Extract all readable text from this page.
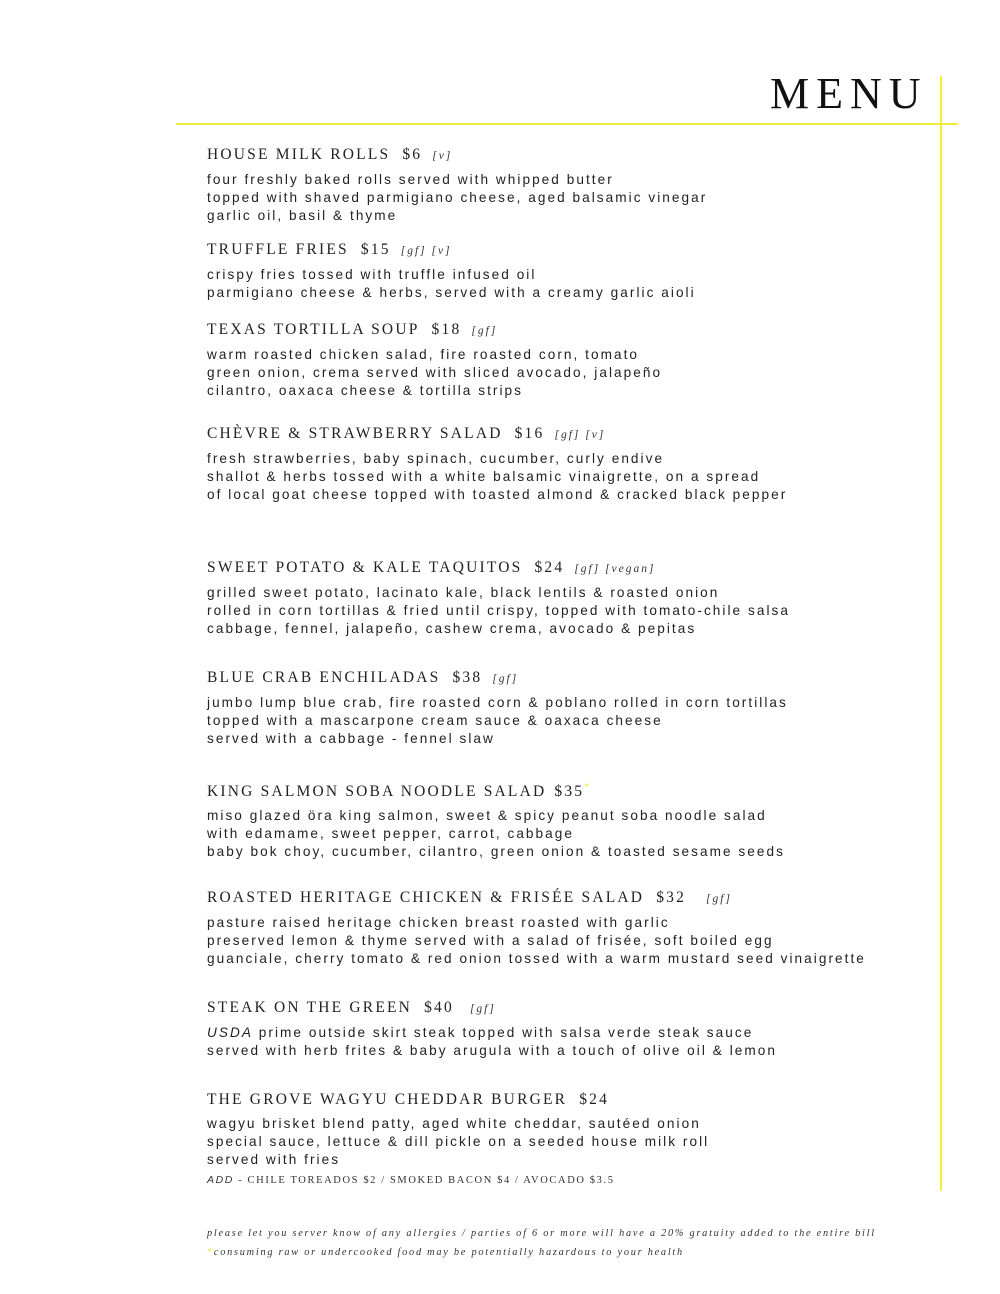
MENU
HOUSE MILK ROLLS $6 [v]
four freshly baked rolls served with whipped butter
topped with shaved parmigiano cheese, aged balsamic vinegar
garlic oil, basil & thyme
TRUFFLE FRIES $15 [gf] [v]
crispy fries tossed with truffle infused oil
parmigiano cheese & herbs, served with a creamy garlic aioli
TEXAS TORTILLA SOUP $18 [gf]
warm roasted chicken salad, fire roasted corn, tomato
green onion, crema served with sliced avocado, jalapeño
cilantro, oaxaca cheese & tortilla strips
CHÈVRE & STRAWBERRY SALAD $16 [gf] [v]
fresh strawberries, baby spinach, cucumber, curly endive
shallot & herbs tossed with a white balsamic vinaigrette, on a spread
of local goat cheese topped with toasted almond & cracked black pepper
SWEET POTATO & KALE TAQUITOS $24 [gf] [vegan]
grilled sweet potato, lacinato kale, black lentils & roasted onion
rolled in corn tortillas & fried until crispy, topped with tomato-chile salsa
cabbage, fennel, jalapeño, cashew crema, avocado & pepitas
BLUE CRAB ENCHILADAS $38 [gf]
jumbo lump blue crab, fire roasted corn & poblano rolled in corn tortillas
topped with a mascarpone cream sauce & oaxaca cheese
served with a cabbage - fennel slaw
KING SALMON SOBA NOODLE SALAD $35*
miso glazed öra king salmon, sweet & spicy peanut soba noodle salad
with edamame, sweet pepper, carrot, cabbage
baby bok choy, cucumber, cilantro, green onion & toasted sesame seeds
ROASTED HERITAGE CHICKEN & FRISÉE SALAD $32 [gf]
pasture raised heritage chicken breast roasted with garlic
preserved lemon & thyme served with a salad of frisée, soft boiled egg
guanciale, cherry tomato & red onion tossed with a warm mustard seed vinaigrette
STEAK ON THE GREEN $40 [gf]
USDA prime outside skirt steak topped with salsa verde steak sauce
served with herb frites & baby arugula with a touch of olive oil & lemon
THE GROVE WAGYU CHEDDAR BURGER $24
wagyu brisket blend patty, aged white cheddar, sautéed onion
special sauce, lettuce & dill pickle on a seeded house milk roll
served with fries
ADD - CHILE TOREADOS $2 / SMOKED BACON $4 / AVOCADO $3.5
please let you server know of any allergies / parties of 6 or more will have a 20% gratuity added to the entire bill
*consuming raw or undercooked food may be potentially hazardous to your health
